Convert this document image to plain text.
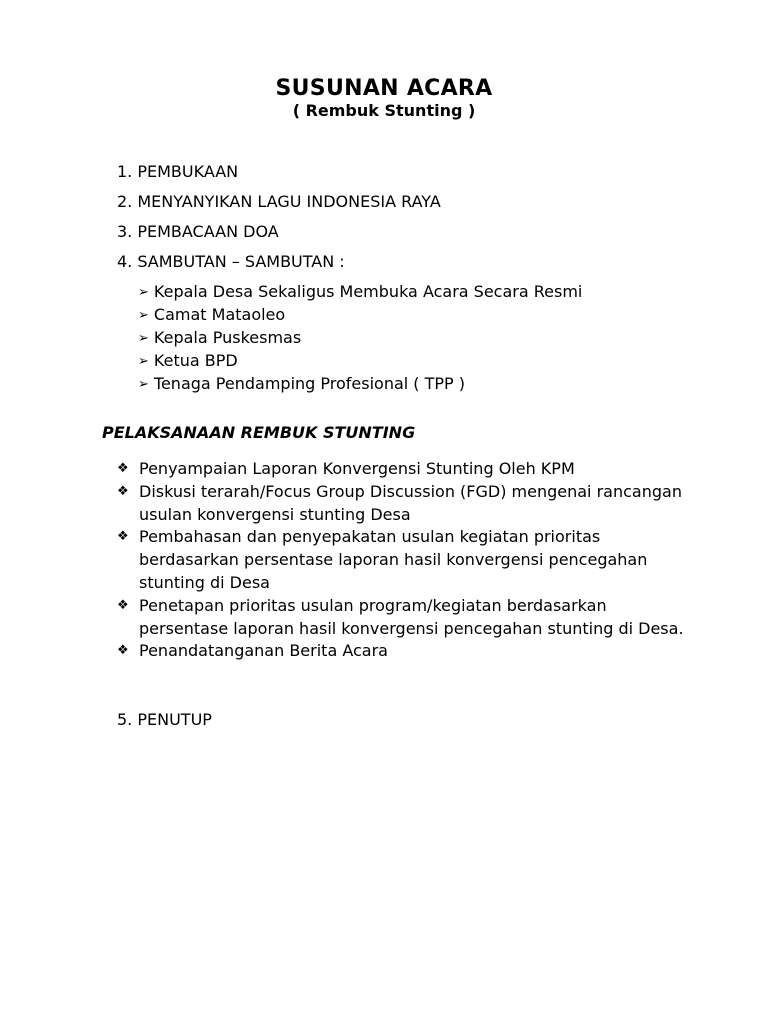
SUSUNAN ACARA
( Rembuk Stunting )
1. PEMBUKAAN
2. MENYANYIKAN LAGU INDONESIA RAYA
3. PEMBACAAN DOA
4. SAMBUTAN – SAMBUTAN :
➢ Kepala Desa Sekaligus Membuka Acara Secara Resmi
➢ Camat Mataoleo
➢ Kepala Puskesmas
➢ Ketua BPD
➢ Tenaga Pendamping Profesional ( TPP )
PELAKSANAAN REMBUK STUNTING
❖ Penyampaian Laporan Konvergensi Stunting Oleh KPM
❖ Diskusi terarah/Focus Group Discussion (FGD) mengenai rancangan usulan konvergensi stunting Desa
❖ Pembahasan dan penyepakatan usulan kegiatan prioritas berdasarkan persentase laporan hasil konvergensi pencegahan stunting di Desa
❖ Penetapan prioritas usulan program/kegiatan berdasarkan persentase laporan hasil konvergensi pencegahan stunting di Desa.
❖ Penandatanganan Berita Acara
5. PENUTUP
